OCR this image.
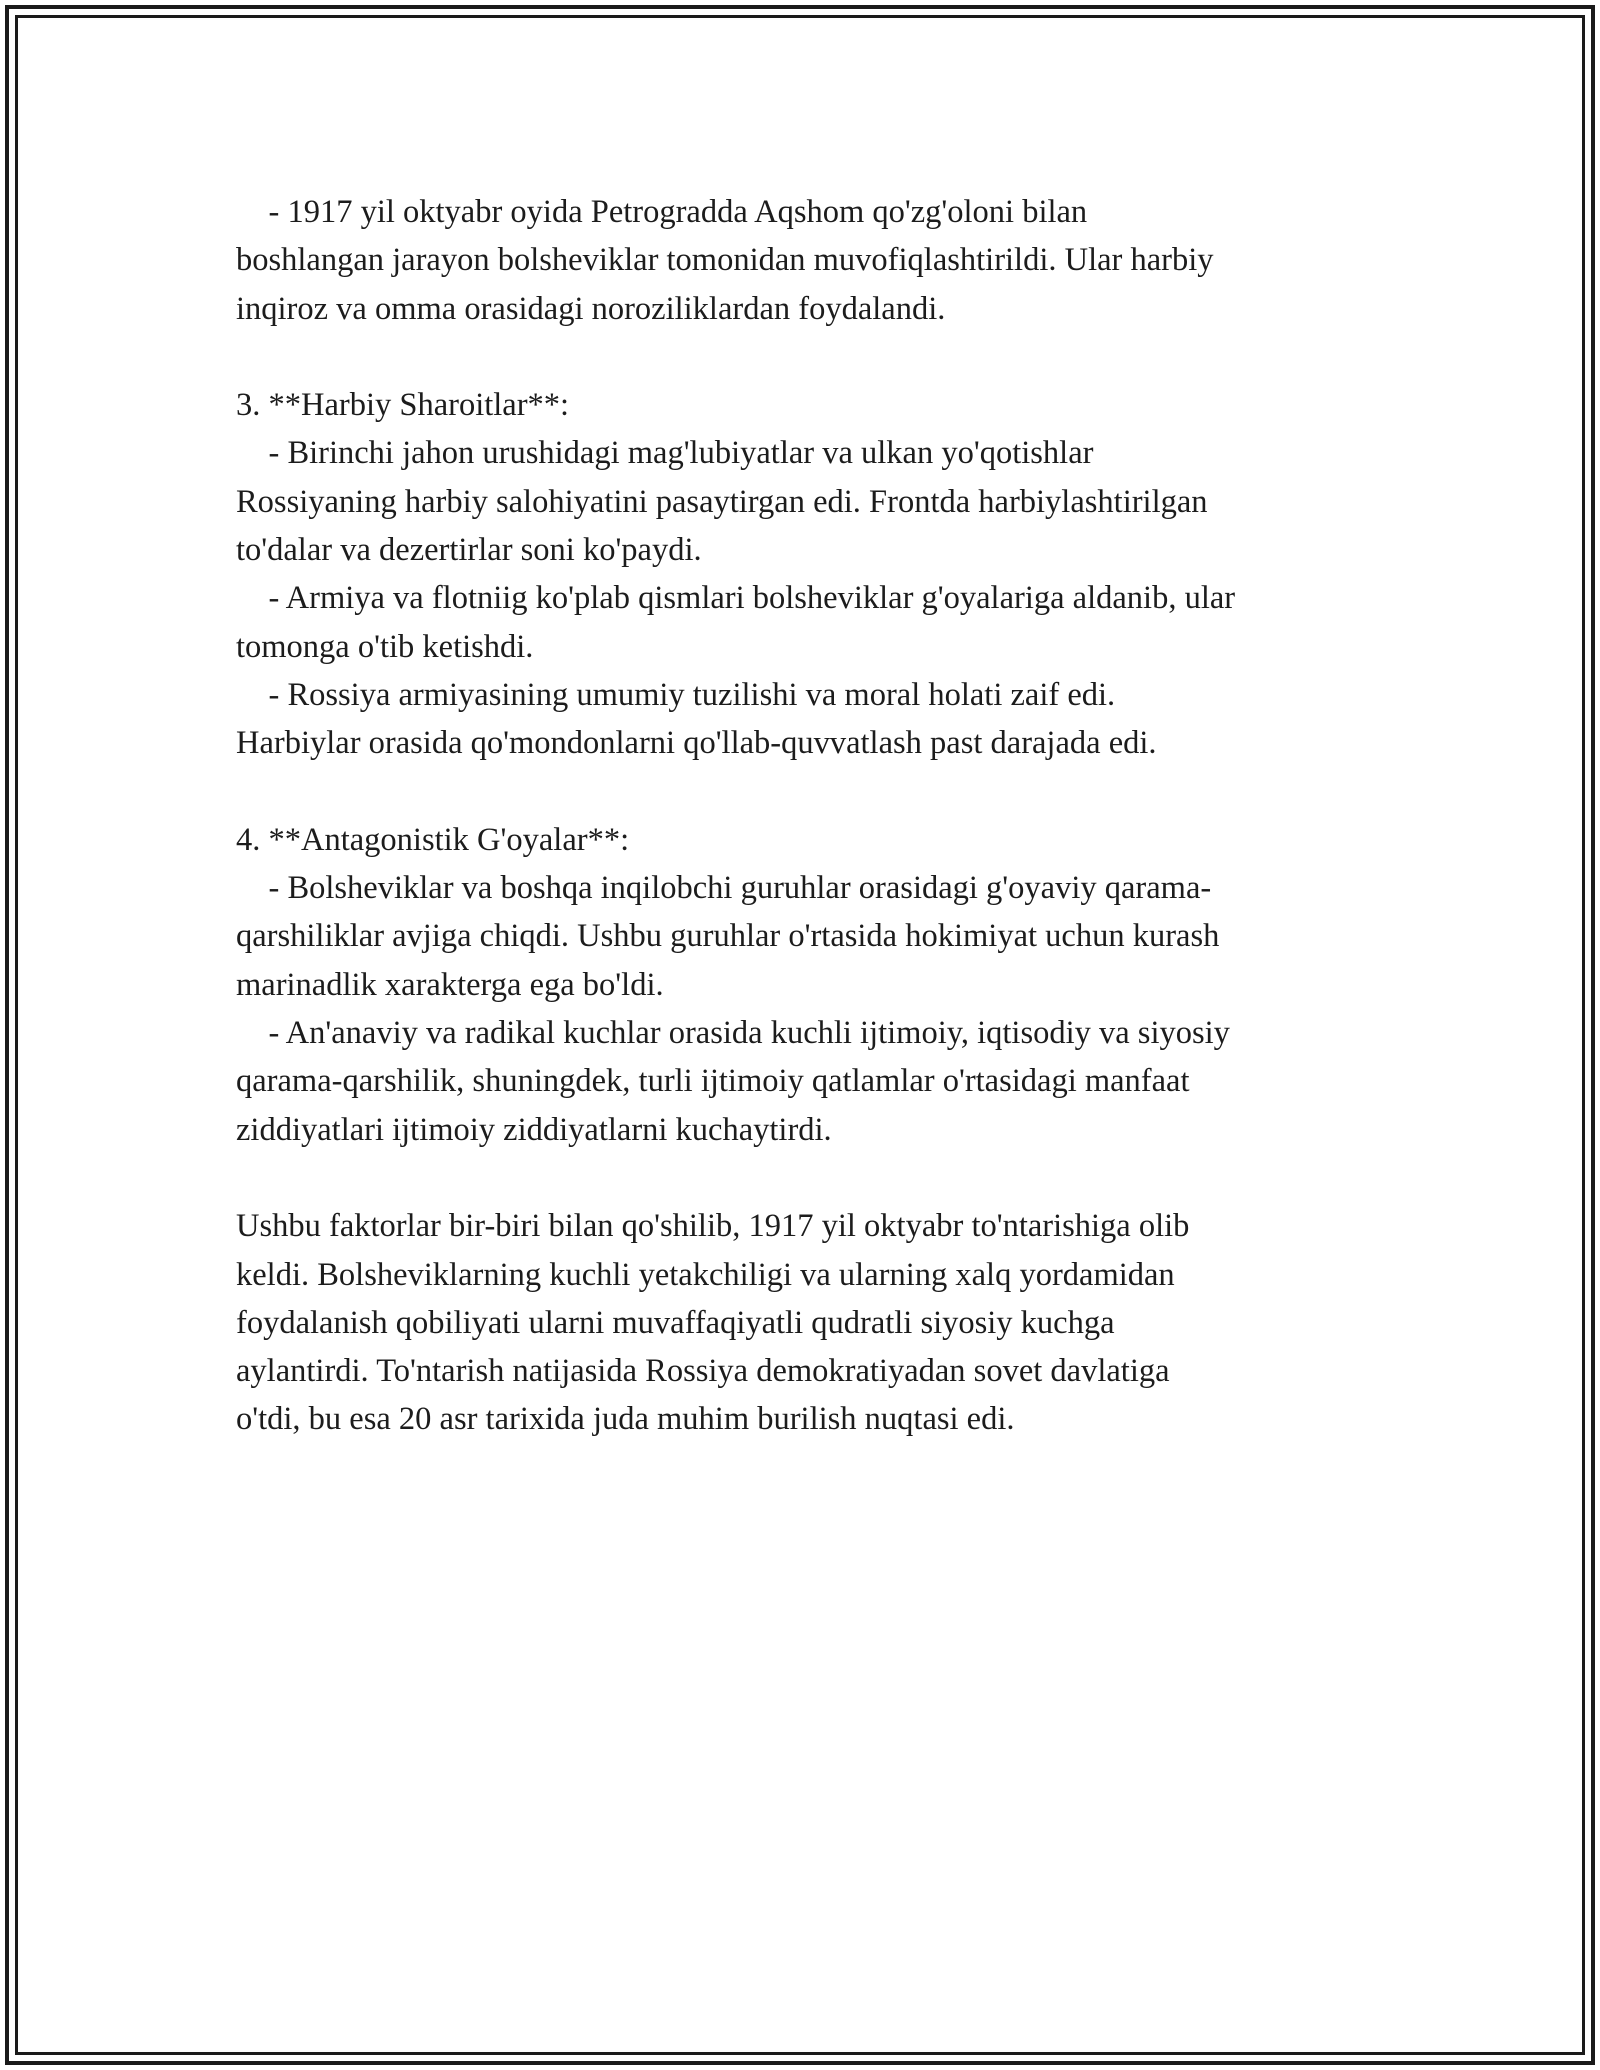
- 1917 yil oktyabr oyida Petrogradda Aqshom qo'zg'oloni bilan
boshlangan jarayon bolsheviklar tomonidan muvofiqlashtirildi. Ular harbiy
inqiroz va omma orasidagi noroziliklardan foydalandi.
3. **Harbiy Sharoitlar**:
- Birinchi jahon urushidagi mag'lubiyatlar va ulkan yo'qotishlar
Rossiyaning harbiy salohiyatini pasaytirgan edi. Frontda harbiylashtirilgan
to'dalar va dezertirlar soni ko'paydi.
- Armiya va flotniig ko'plab qismlari bolsheviklar g'oyalariga aldanib, ular
tomonga o'tib ketishdi.
- Rossiya armiyasining umumiy tuzilishi va moral holati zaif edi.
Harbiylar orasida qo'mondonlarni qo'llab-quvvatlash past darajada edi.
4. **Antagonistik G'oyalar**:
- Bolsheviklar va boshqa inqilobchi guruhlar orasidagi g'oyaviy qarama-
qarshiliklar avjiga chiqdi. Ushbu guruhlar o'rtasida hokimiyat uchun kurash
marinadlik xarakterga ega bo'ldi.
- An'anaviy va radikal kuchlar orasida kuchli ijtimoiy, iqtisodiy va siyosiy
qarama-qarshilik, shuningdek, turli ijtimoiy qatlamlar o'rtasidagi manfaat
ziddiyatlari ijtimoiy ziddiyatlarni kuchaytirdi.
Ushbu faktorlar bir-biri bilan qo'shilib, 1917 yil oktyabr to'ntarishiga olib
keldi. Bolsheviklarning kuchli yetakchiligi va ularning xalq yordamidan
foydalanish qobiliyati ularni muvaffaqiyatli qudratli siyosiy kuchga
aylantirdi. To'ntarish natijasida Rossiya demokratiyadan sovet davlatiga
o'tdi, bu esa 20 asr tarixida juda muhim burilish nuqtasi edi.
